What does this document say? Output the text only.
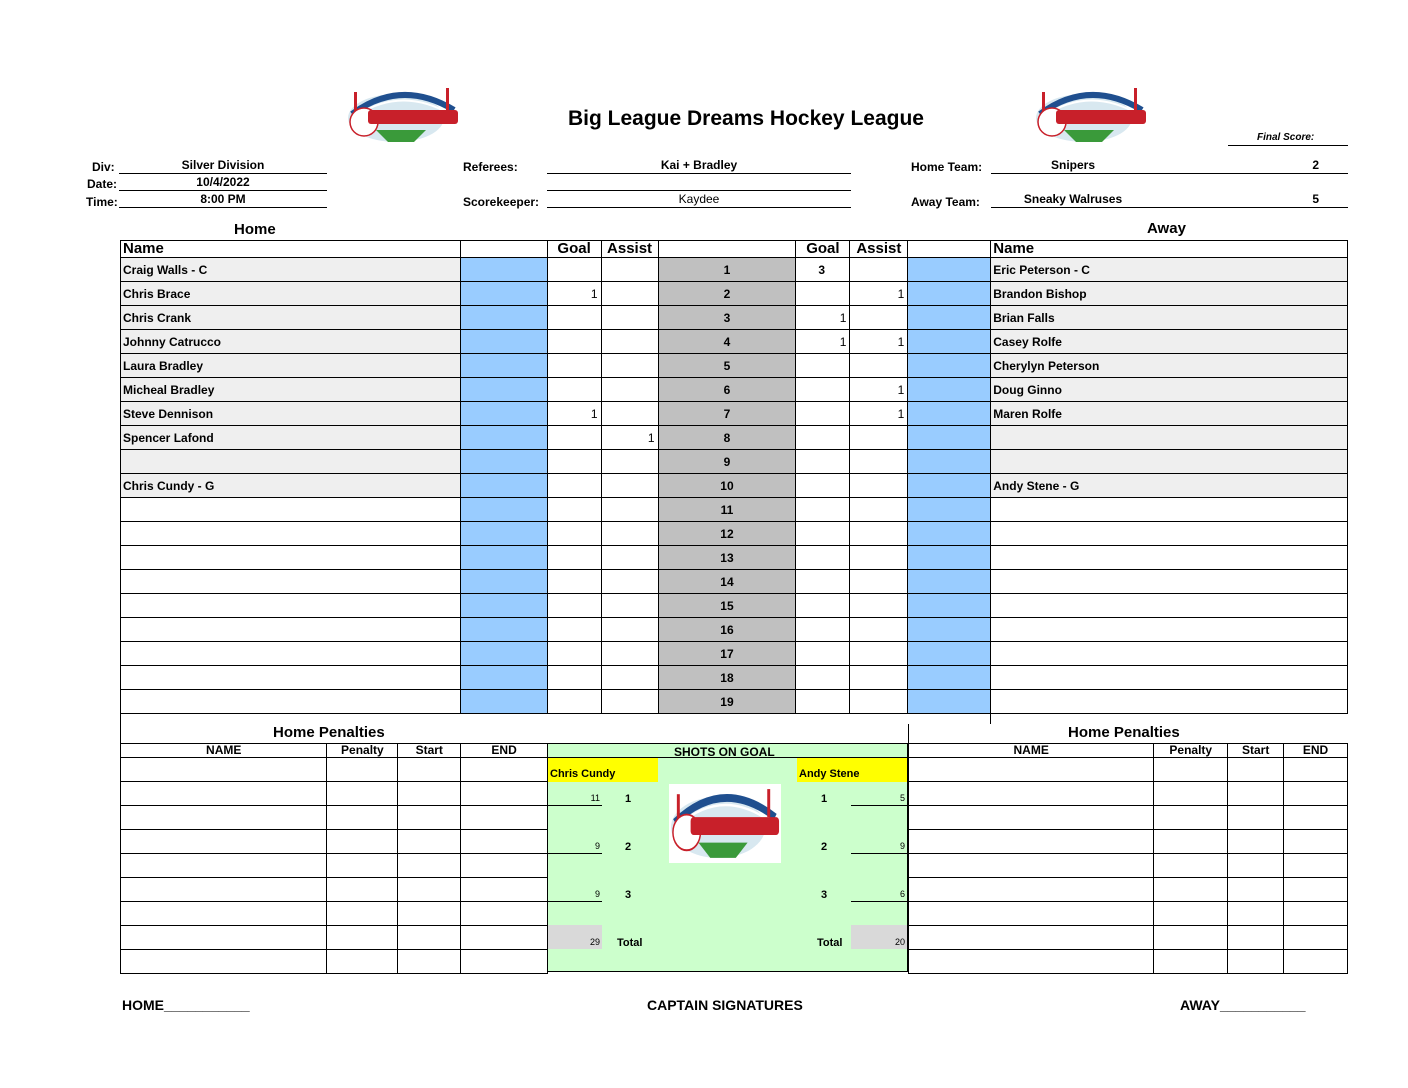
Big League Dreams Hockey League
Final Score:
Div:	Silver Division
Date:	10/4/2022
Time:	8:00 PM
Referees:	Kai + Bradley
Scorekeeper:	Kaydee
Home Team:	Snipers	2
Away Team:	Sneaky Walruses	5
Home	Away
Name		Goal	Assist		Goal	Assist		Name
Craig Walls - C				1	3			Eric Peterson - C
Chris Brace		1		2		1		Brandon Bishop
Chris Crank				3	1			Brian Falls
Johnny Catrucco				4	1	1		Casey Rolfe
Laura Bradley				5				Cherylyn Peterson
Micheal Bradley				6		1		Doug Ginno
Steve Dennison		1		7		1		Maren Rolfe
Spencer Lafond			1	8				
				9				
Chris Cundy - G				10				Andy Stene - G
				11				
				12				
				13				
				14				
				15				
				16				
				17				
				18				
				19				
Home Penalties	Home Penalties
NAME	Penalty	Start	END

				SHOTS ON GOAL
Chris Cundy	Andy Stene
11 1	1	5
9 2	2	9
9 3	3	6
29 Total	Total	20
NAME	Penalty	Start	END

HOME___________	CAPTAIN SIGNATURES	AWAY___________
